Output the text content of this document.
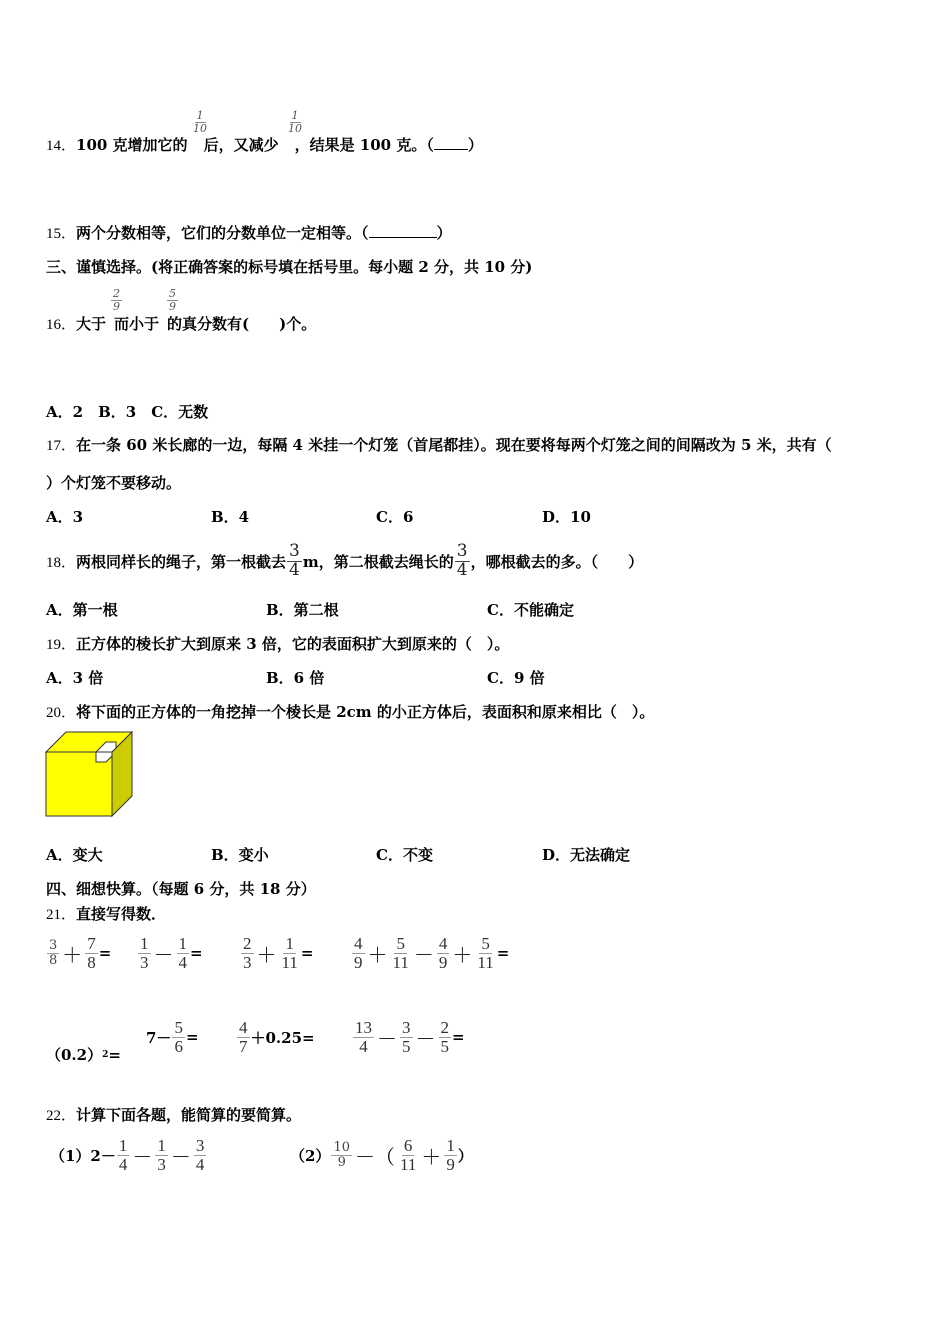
14．100 克增加它的 后，又减少 ，结果是 100 克。（ ）
$\frac{1}{10}$	$\frac{1}{10}$
15．两个分数相等，它们的分数单位一定相等。（	）
三、谨慎选择。(将正确答案的标号填在括号里。每小题 2 分，共 10 分)
16．大于 而小于 的真分数有(　　)个。
$\frac{2}{9}$	$\frac{5}{9}$
A．2　B．3　C．无数
17．在一条 60 米长廊的一边，每隔 4 米挂一个灯笼（首尾都挂）。现在要将每两个灯笼之间的间隔改为 5 米，共有（
）个灯笼不要移动。
A．3	B．4	C．6	D．10
18． 两根同样长的绳子，第一根截去 $\frac{3}{4}$ m，第二根截去绳长的 $\frac{3}{4}$ ，哪根截去的多。（　　）
A．第一根	B．第二根	C．不能确定
19．正方体的棱长扩大到原来 3 倍，它的表面积扩大到原来的（　）。
A．3 倍	B．6 倍	C．9 倍
20．将下面的正方体的一角挖掉一个棱长是 2cm 的小正方体后，表面积和原来相比（　）。
A．变大	B．变小	C．不变	D．无法确定
四、细想快算。（每题 6 分，共 18 分）
21．直接写得数．
$\frac{3}{8} + \frac{7}{8} = \frac{1}{3} - \frac{1}{4} = \frac{2}{3} + \frac{1}{11} = \frac{4}{9} + \frac{5}{11} - \frac{4}{9} + \frac{5}{11}$ =
（0.2） 2 =
$7- \frac{5}{6} = \frac{4}{7} +0.25= \frac{13}{4} - \frac{3}{5} - \frac{2}{5}$ =
22．计算下面各题，能简算的要简算。
$(1)2- \frac{1}{4} - \frac{1}{3} - \frac{3}{4}$	$(2) \frac{10}{9}$ －（ $\frac{6}{11} + \frac{1}{9}$ ）
